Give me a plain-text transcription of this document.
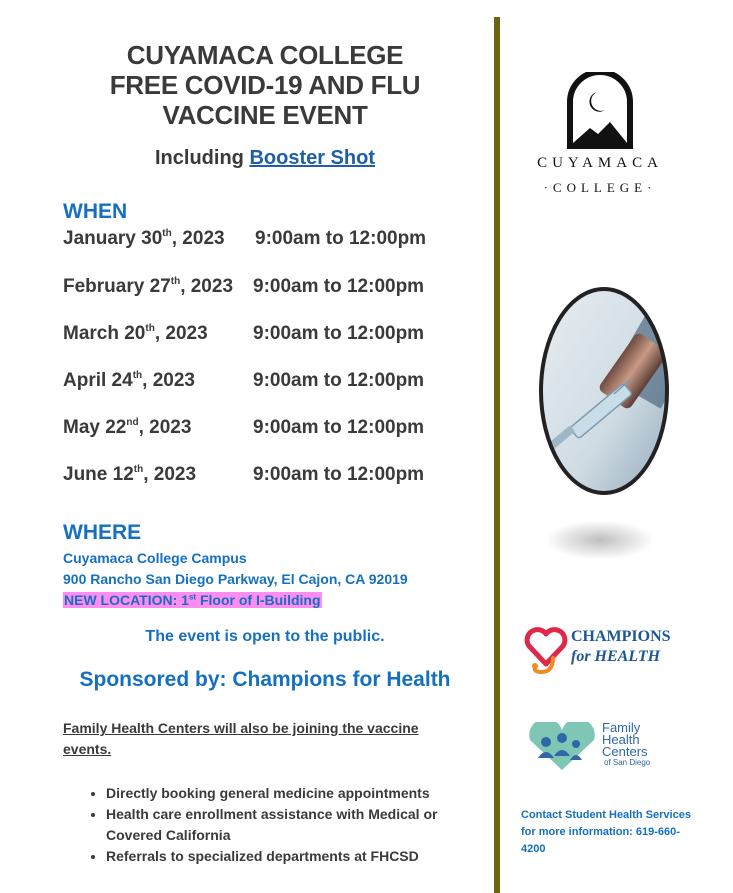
CUYAMACA COLLEGE
FREE COVID-19 AND FLU
VACCINE EVENT
Including Booster Shot
WHEN
January 30th, 2023 9:00am to 12:00pm
February 27th, 2023 9:00am to 12:00pm
March 20th, 2023 9:00am to 12:00pm
April 24th, 2023	9:00am to 12:00pm
May 22nd, 2023	9:00am to 12:00pm
June 12th, 2023	9:00am to 12:00pm
WHERE
Cuyamaca College Campus
900 Rancho San Diego Parkway, El Cajon, CA 92019
NEW LOCATION: 1st Floor of I-Building
The event is open to the public.
Sponsored by: Champions for Health
Family Health Centers will also be joining the vaccine events.
• Directly booking general medicine appointments
• Health care enrollment assistance with Medical or Covered California
• Referrals to specialized departments at FHCSD
CUYAMACA
·COLLEGE·
CHAMPIONS
for HEALTH
Family
Health
Centers
of San Diego
Contact Student Health Services for more information: 619-660-4200
